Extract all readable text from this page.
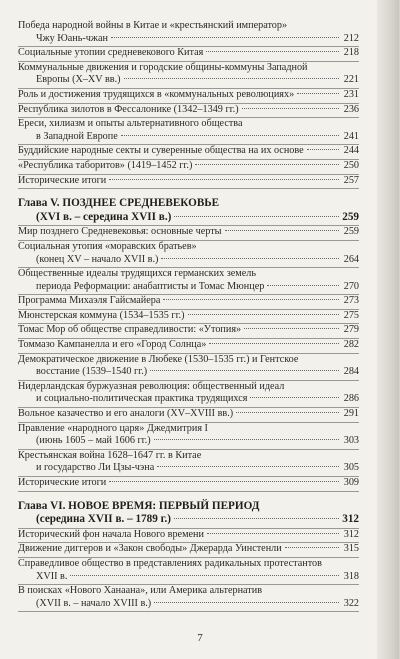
Победа народной войны в Китае и «крестьянский император»
Чжу Юань-чжан	212
Социальные утопии средневекового Китая	218
Коммунальные движения и городские общины-коммуны Западной
Европы (X–XV вв.)	221
Роль и достижения трудящихся в «коммунальных революциях»	231
Республика зилотов в Фессалонике (1342–1349 гг.)	236
Ереси, хилиазм и опыты альтернативного общества
в Западной Европе	241
Буддийские народные секты и суверенные общества на их основе	244
«Республика таборитов» (1419–1452 гг.)	250
Исторические итоги	257
Глава V. ПОЗДНЕЕ СРЕДНЕВЕКОВЬЕ
(XVI в. – середина XVII в.)	259
Мир позднего Средневековья: основные черты	259
Социальная утопия «моравских братьев»
(конец XV – начало XVII в.)	264
Общественные идеалы трудящихся германских земель
периода Реформации: анабаптисты и Томас Мюнцер	270
Программа Михаэля Гайсмайера	273
Мюнстерская коммуна (1534–1535 гг.)	275
Томас Мор об обществе справедливости: «Утопия»	279
Томмазо Кампанелла и его «Город Солнца»	282
Демократическое движение в Любеке (1530–1535 гг.) и Гентское
восстание (1539–1540 гг.)	284
Нидерландская буржуазная революция: общественный идеал
и социально-политическая практика трудящихся	286
Вольное казачество и его аналоги (XV–XVIII вв.)	291
Правление «народного царя» Джедмитрия I
(июнь 1605 – май 1606 гг.)	303
Крестьянская война 1628–1647 гг. в Китае
и государство Ли Цзы-чэна	305
Исторические итоги	309
Глава VI. НОВОЕ ВРЕМЯ: ПЕРВЫЙ ПЕРИОД
(середина XVII в. – 1789 г.)	312
Исторический фон начала Нового времени	312
Движение диггеров и «Закон свободы» Джерарда Уинстенли	315
Справедливое общество в представлениях радикальных протестантов
XVII в.	318
В поисках «Нового Ханаана», или Америка альтернатив
(XVII в. – начало XVIII в.)	322
7
